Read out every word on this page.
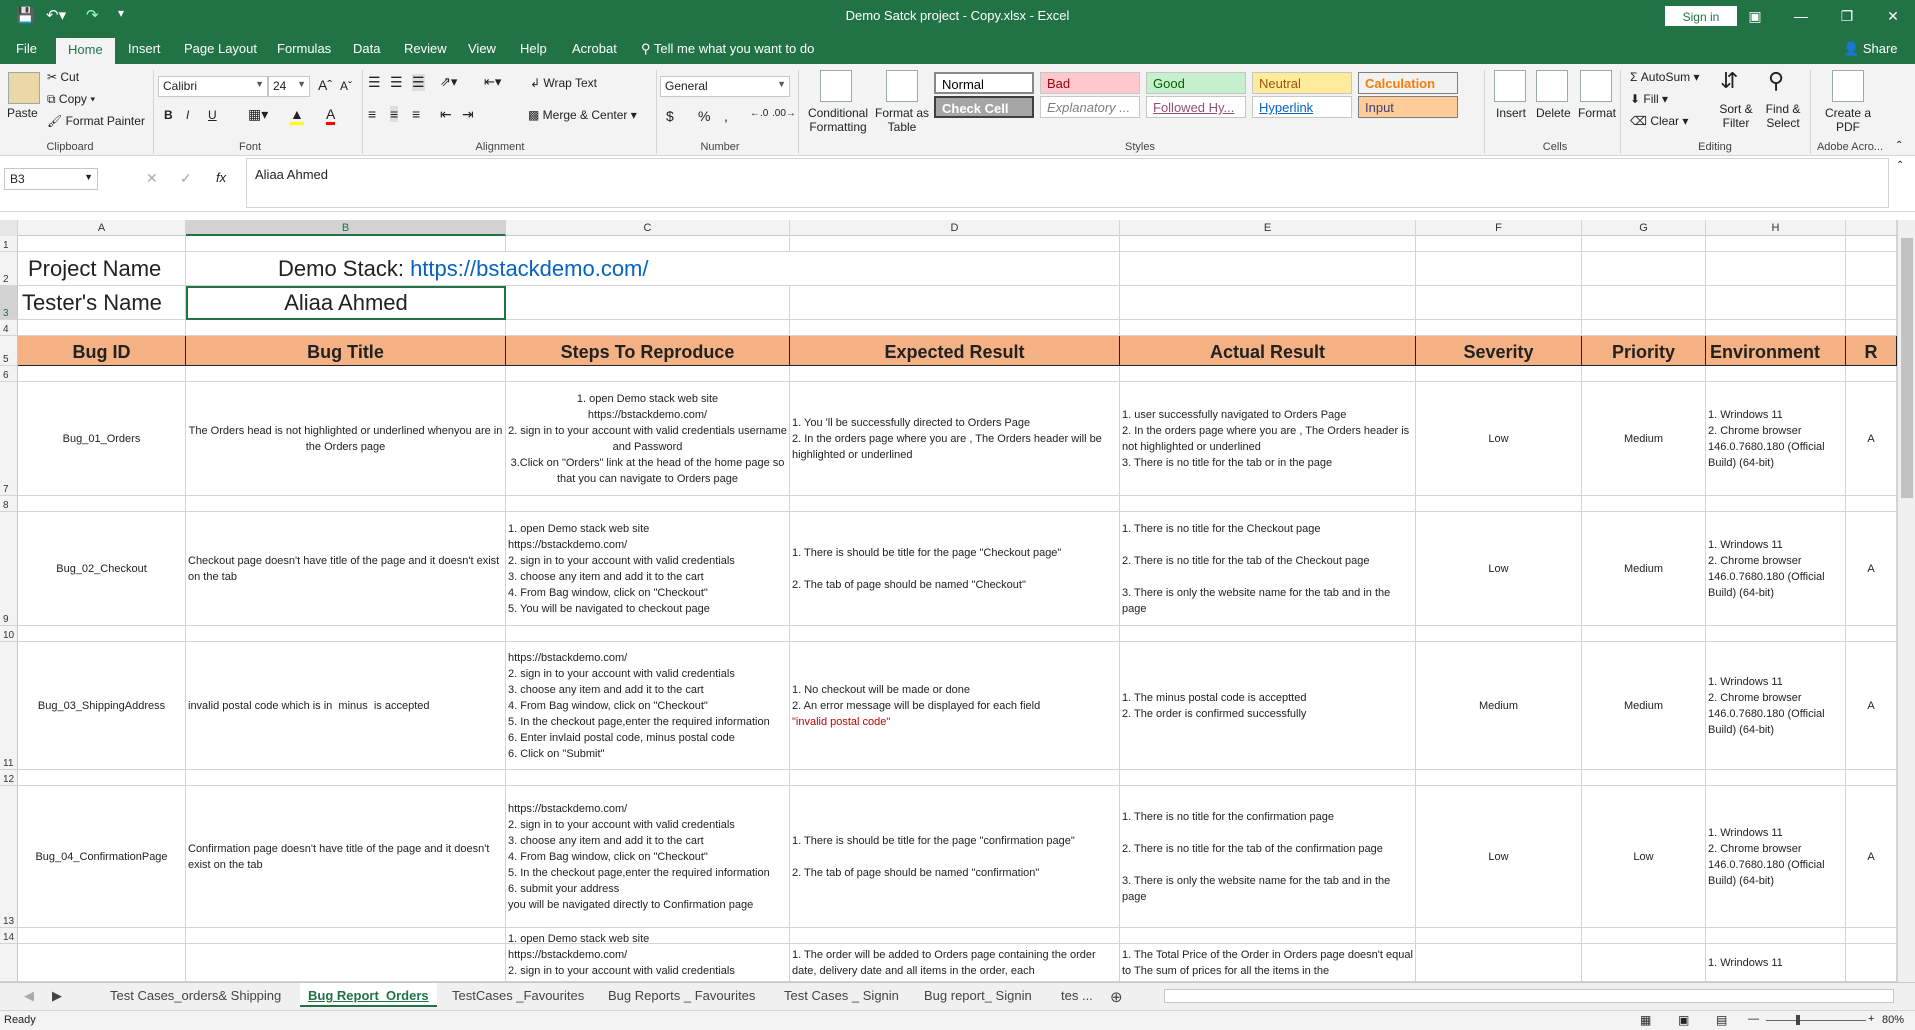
💾 ↶▾ ↷ ▾	Demo Satck project - Copy.xlsx - Excel	Sign in	▣	—	❐	✕
File	Home	Insert Page Layout Formulas Data Review View Help Acrobat ⚲ Tell me what you want to do	👤 Share
Paste
✂ Cut
⧉ Copy ▾
🖌 Format Painter
Clipboard
Calibri	▼ 24 ▼ Aˆ Aˇ
B I U ▦▾ ▲ A
Font
☰ ☰ ☰ ⇗▾ ⇤▾
≡ ≡ ≡ ⇤ ⇥
↲ Wrap Text
▩ Merge & Center ▾
Alignment
General	▼
$ % , ←.0 .00→
Number
Conditional Formatting
Format as Table
Normal	Bad	Good	Neutral	Calculation
Check Cell	Explanatory ...	Followed Hy...	Hyperlink	Input
Styles
Insert Delete Format
Cells
Σ AutoSum ▾
⬇ Fill ▾
⌫ Clear ▾
⇵
Sort & Filter
⚲
Find & Select
Editing
Create a PDF
Adobe Acro...	⌃
B3	▼	✕ ✓ fx	Aliaa Ahmed
⌃
A	B	C	D	E	F	G	H
1
2
3
4
5
6
7
8
9
10
11
12
13
14
Project Name	Demo Stack:
https://bstackdemo.com/
Tester's Name	Aliaa Ahmed
Bug ID	Bug Title	Steps To Reproduce	Expected Result	Actual Result	Severity	Priority	Environment	R
Bug_01_Orders
The Orders head is not highlighted or underlined whenyou are in the Orders page
1. open Demo stack web site
https://bstackdemo.com/
2. sign in to your account with valid credentials username and Password
3.Click on "Orders" link at the head of the home page so that you can navigate to Orders page
1. You 'll be successfully directed to Orders Page
2. In the orders page where you are , The Orders header will be highlighted or underlined
1. user successfully navigated to Orders Page
2. In the orders page where you are , The Orders header is not highlighted or underlined
3. There is no title for the tab or in the page
Low	Medium
1. Wrindows 11
2. Chrome browser
146.0.7680.180 (Official Build) (64-bit)
A
Bug_02_Checkout
Checkout page doesn't have title of the page and it doesn't exist on the tab
1. open Demo stack web site
https://bstackdemo.com/
2. sign in to your account with valid credentials
3. choose any item and add it to the cart
4. From Bag window, click on "Checkout"
5. You will be navigated to checkout page
1. There is should be title for the page "Checkout page"

2. The tab of page should be named "Checkout"
1. There is no title for the Checkout page

2. There is no title for the tab of the Checkout page

3. There is only the website name for the tab and in the page
Low	Medium
1. Wrindows 11
2. Chrome browser
146.0.7680.180 (Official Build) (64-bit)
A
Bug_03_ShippingAddress	invalid postal code which is in  minus  is accepted
https://bstackdemo.com/
2. sign in to your account with valid credentials
3. choose any item and add it to the cart
4. From Bag window, click on "Checkout"
5. In the checkout page,enter the required information
6. Enter invlaid postal code, minus postal code
6. Click on "Submit"
1. No checkout will be made or done
2. An error message will be displayed for each field
"invalid postal code"
1. The minus postal code is acceptted
2. The order is confirmed successfully
Medium	Medium
1. Wrindows 11
2. Chrome browser
146.0.7680.180 (Official Build) (64-bit)
A
Bug_04_ConfirmationPage
Confirmation page doesn't have title of the page and it doesn't exist on the tab
https://bstackdemo.com/
2. sign in to your account with valid credentials
3. choose any item and add it to the cart
4. From Bag window, click on "Checkout"
5. In the checkout page,enter the required information
6. submit your address
you will be navigated directly to Confirmation page
1. There is should be title for the page "confirmation page"

2. The tab of page should be named "confirmation"
1. There is no title for the confirmation page

2. There is no title for the tab of the confirmation page

3. There is only the website name for the tab and in the page
Low	Low
1. Wrindows 11
2. Chrome browser
146.0.7680.180 (Official Build) (64-bit)
A
1. open Demo stack web site
https://bstackdemo.com/
2. sign in to your account with valid credentials

1. The order will be added to Orders page containing the order date, delivery date and all items in the order, each
1. The Total Price of the Order in Orders page doesn't equal to The sum of prices for all the items in the
1. Wrindows 11
◀ ▶	Test Cases_orders& Shipping	Bug Report_Orders	TestCases _Favourites Bug Reports _ Favourites Test Cases _ Signin Bug report_ Signin tes ... ⊕
Ready	▦ ▣ ▤ —	+ 80%
